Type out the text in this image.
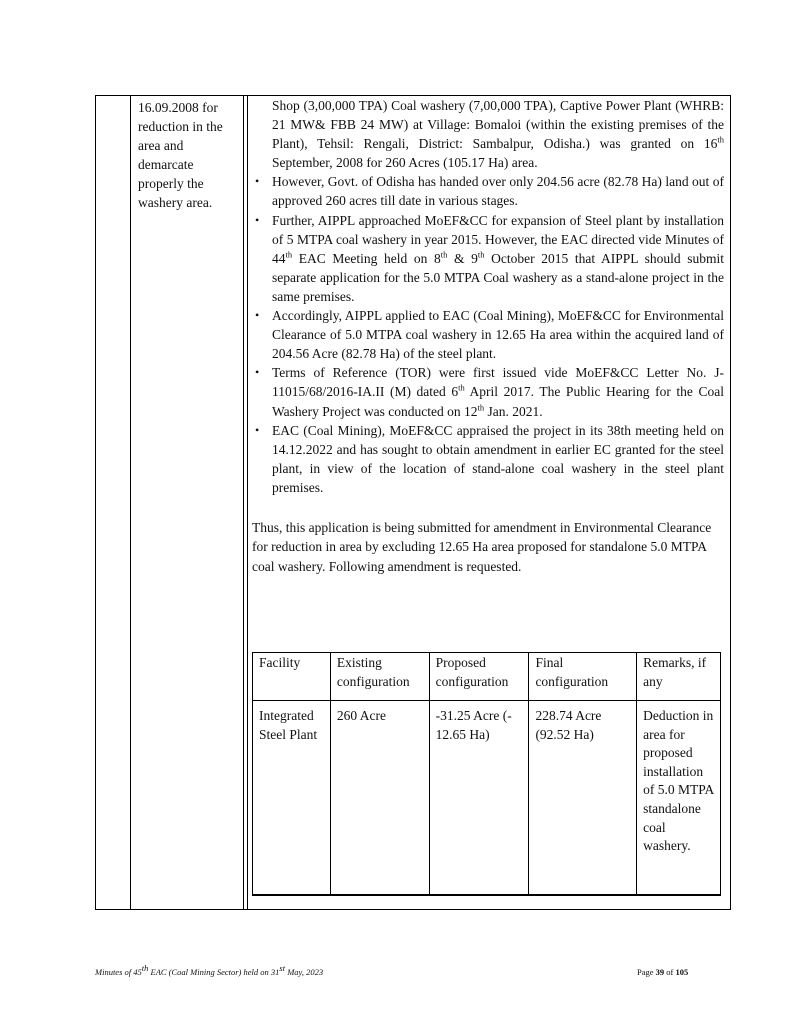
16.09.2008 for
reduction in the
area and
demarcate
properly the
washery area.

Shop (3,00,000 TPA) Coal washery (7,00,000 TPA), Captive Power Plant (WHRB: 21 MW& FBB 24 MW) at Village: Bomaloi (within the existing premises of the Plant), Tehsil: Rengali, District: Sambalpur, Odisha.) was granted on 16th September, 2008 for 260 Acres (105.17 Ha) area.

• However, Govt. of Odisha has handed over only 204.56 acre (82.78 Ha) land out of approved 260 acres till date in various stages.
• Further, AIPPL approached MoEF&CC for expansion of Steel plant by installation of 5 MTPA coal washery in year 2015. However, the EAC directed vide Minutes of 44th EAC Meeting held on 8th & 9th October 2015 that AIPPL should submit separate application for the 5.0 MTPA Coal washery as a stand-alone project in the same premises.
• Accordingly, AIPPL applied to EAC (Coal Mining), MoEF&CC for Environmental Clearance of 5.0 MTPA coal washery in 12.65 Ha area within the acquired land of 204.56 Acre (82.78 Ha) of the steel plant.
• Terms of Reference (TOR) were first issued vide MoEF&CC Letter No. J-11015/68/2016-IA.II (M) dated 6th April 2017. The Public Hearing for the Coal Washery Project was conducted on 12th Jan. 2021.
• EAC (Coal Mining), MoEF&CC appraised the project in its 38th meeting held on 14.12.2022 and has sought to obtain amendment in earlier EC granted for the steel plant, in view of the location of stand-alone coal washery in the steel plant premises.

Thus, this application is being submitted for amendment in Environmental Clearance for reduction in area by excluding 12.65 Ha area proposed for standalone 5.0 MTPA coal washery. Following amendment is requested.

Facility	Existing configuration	Proposed configuration	Final configuration	Remarks, if any
Integrated Steel Plant	260 Acre	-31.25 Acre (- 12.65 Ha)	228.74 Acre (92.52 Ha)	Deduction in area for proposed installation of 5.0 MTPA standalone coal washery.
Minutes of 45th EAC (Coal Mining Sector) held on 31st May, 2023	Page 39 of 105
